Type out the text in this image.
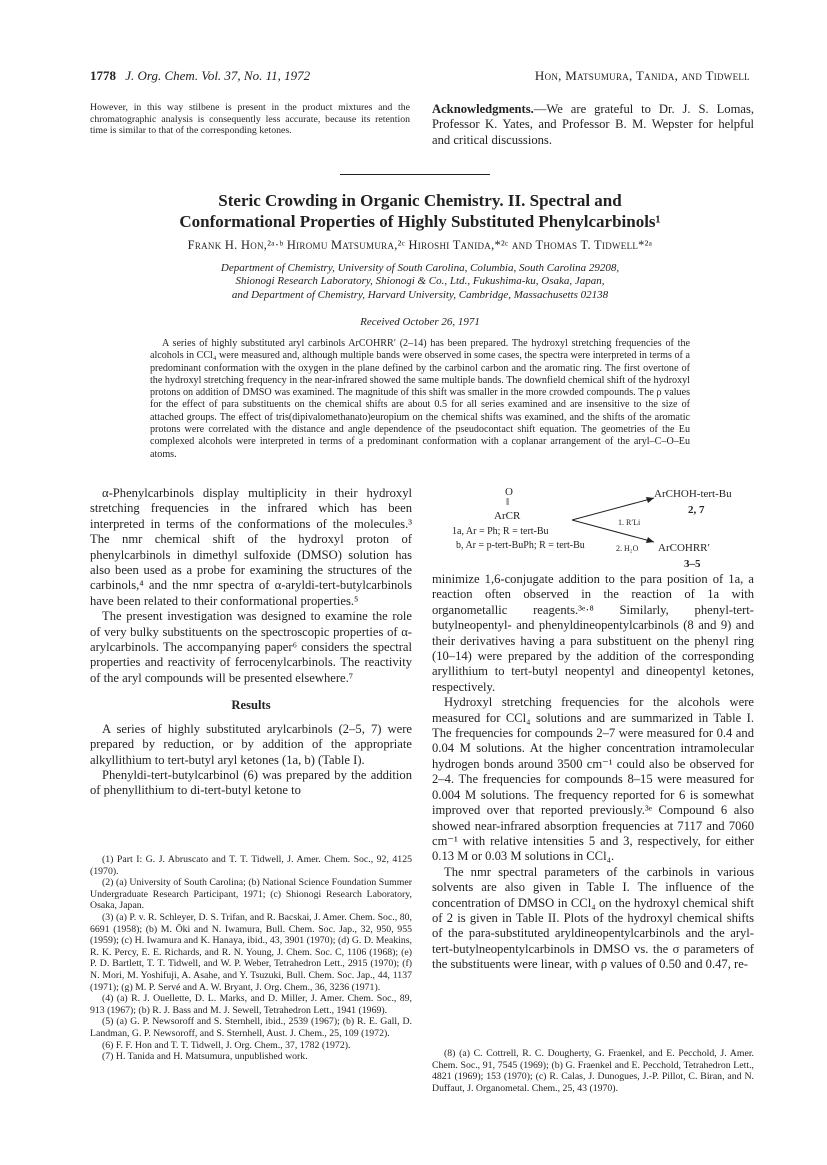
1778 J. Org. Chem. Vol. 37, No. 11, 1972	Hon, Matsumura, Tanida, and Tidwell
However, in this way stilbene is present in the product mixtures and the chromatographic analysis is consequently less accurate, because its retention time is similar to that of the corresponding ketones.
Acknowledgments.—We are grateful to Dr. J. S. Lomas, Professor K. Yates, and Professor B. M. Wepster for helpful and critical discussions.
Steric Crowding in Organic Chemistry. II. Spectral and
Conformational Properties of Highly Substituted Phenylcarbinols¹
Frank H. Hon,²ᵃ·ᵇ Hiromu Matsumura,²ᶜ Hiroshi Tanida,*²ᶜ and Thomas T. Tidwell*²ᵃ
Department of Chemistry, University of South Carolina, Columbia, South Carolina 29208,
Shionogi Research Laboratory, Shionogi & Co., Ltd., Fukushima-ku, Osaka, Japan,
and Department of Chemistry, Harvard University, Cambridge, Massachusetts 02138
Received October 26, 1971
A series of highly substituted aryl carbinols ArCOHRR′ (2–14) has been prepared. The hydroxyl stretching frequencies of the alcohols in CCl₄ were measured and, although multiple bands were observed in some cases, the spectra were interpreted in terms of a predominant conformation with the oxygen in the plane defined by the carbinol carbon and the aromatic ring. The first overtone of the hydroxyl stretching frequency in the near-infrared showed the same multiple bands. The downfield chemical shift of the hydroxyl protons on addition of DMSO was examined. The magnitude of this shift was smaller in the more crowded compounds. The ρ values for the effect of para substituents on the chemical shifts are about 0.5 for all series examined and are insensitive to the size of attached groups. The effect of tris(dipivalomethanato)europium on the chemical shifts was examined, and the shifts of the aromatic protons were correlated with the distance and angle dependence of the pseudocontact shift equation. The geometries of the Eu complexed alcohols were interpreted in terms of a predominant conformation with a coplanar arrangement of the aryl–C–O–Eu atoms.

α-Phenylcarbinols display multiplicity in their hydroxyl stretching frequencies in the infrared which has been interpreted in terms of the conformations of the molecules.³ The nmr chemical shift of the hydroxyl proton of phenylcarbinols in dimethyl sulfoxide (DMSO) solution has also been used as a probe for examining the structures of the carbinols,⁴ and the nmr spectra of α-aryldi-tert-butylcarbinols have been related to their conformational properties.⁵

The present investigation was designed to examine the role of very bulky substituents on the spectroscopic properties of α-arylcarbinols. The accompanying paper⁶ considers the spectral properties and reactivity of ferrocenylcarbinols. The reactivity of the aryl compounds will be presented elsewhere.⁷

Results

A series of highly substituted arylcarbinols (2–5, 7) were prepared by reduction, or by addition of the appropriate alkyllithium to tert-butyl aryl ketones (1a, b) (Table I).

Phenyldi-tert-butylcarbinol (6) was prepared by the addition of phenyllithium to di-tert-butyl ketone to

(1) Part I: G. J. Abruscato and T. T. Tidwell, J. Amer. Chem. Soc., 92, 4125 (1970).

(2) (a) University of South Carolina; (b) National Science Foundation Summer Undergraduate Research Participant, 1971; (c) Shionogi Research Laboratory, Osaka, Japan.

(3) (a) P. v. R. Schleyer, D. S. Trifan, and R. Bacskai, J. Amer. Chem. Soc., 80, 6691 (1958); (b) M. Ōki and N. Iwamura, Bull. Chem. Soc. Jap., 32, 950, 955 (1959); (c) H. Iwamura and K. Hanaya, ibid., 43, 3901 (1970); (d) G. D. Meakins, R. K. Percy, E. E. Richards, and R. N. Young, J. Chem. Soc. C, 1106 (1968); (e) P. D. Bartlett, T. T. Tidwell, and W. P. Weber, Tetrahedron Lett., 2915 (1970); (f) N. Mori, M. Yoshifuji, A. Asahe, and Y. Tsuzuki, Bull. Chem. Soc. Jap., 44, 1137 (1971); (g) M. P. Servé and A. W. Bryant, J. Org. Chem., 36, 3236 (1971).

(4) (a) R. J. Ouellette, D. L. Marks, and D. Miller, J. Amer. Chem. Soc., 89, 913 (1967); (b) R. J. Bass and M. J. Sewell, Tetrahedron Lett., 1941 (1969).

(5) (a) G. P. Newsoroff and S. Sternhell, ibid., 2539 (1967); (b) R. E. Gall, D. Landman, G. P. Newsoroff, and S. Sternhell, Aust. J. Chem., 25, 109 (1972).

(6) F. F. Hon and T. T. Tidwell, J. Org. Chem., 37, 1782 (1972).

(7) H. Tanida and H. Matsumura, unpublished work.

O
‖
ArCR
1a, Ar = Ph; R = tert-Bu
b, Ar = p-tert-BuPh; R = tert-Bu
1. R′Li
2. H₂O
ArCHOH-tert-Bu
2, 7
ArCOHRR′
3–5

minimize 1,6-conjugate addition to the para position of 1a, a reaction often observed in the reaction of 1a with organometallic reagents.³ᵉ·⁸ Similarly, phenyl-tert-butylneopentyl- and phenyldineopentylcarbinols (8 and 9) and their derivatives having a para substituent on the phenyl ring (10–14) were prepared by the addition of the corresponding aryllithium to tert-butyl neopentyl and dineopentyl ketones, respectively.

Hydroxyl stretching frequencies for the alcohols were measured for CCl₄ solutions and are summarized in Table I. The frequencies for compounds 2–7 were measured for 0.4 and 0.04 M solutions. At the higher concentration intramolecular hydrogen bonds around 3500 cm⁻¹ could also be observed for 2–4. The frequencies for compounds 8–15 were measured for 0.004 M solutions. The frequency reported for 6 is somewhat improved over that reported previously.³ᵉ Compound 6 also showed near-infrared absorption frequencies at 7117 and 7060 cm⁻¹ with relative intensities 5 and 3, respectively, for either 0.13 M or 0.03 M solutions in CCl₄.

The nmr spectral parameters of the carbinols in various solvents are also given in Table I. The influence of the concentration of DMSO in CCl₄ on the hydroxyl chemical shift of 2 is given in Table II. Plots of the hydroxyl chemical shifts of the para-substituted aryldineopentylcarbinols and the aryl-tert-butylneopentylcarbinols in DMSO vs. the σ parameters of the substituents were linear, with ρ values of 0.50 and 0.47, re-

(8) (a) C. Cottrell, R. C. Dougherty, G. Fraenkel, and E. Pecchold, J. Amer. Chem. Soc., 91, 7545 (1969); (b) G. Fraenkel and E. Pecchold, Tetrahedron Lett., 4821 (1969); 153 (1970); (c) R. Calas, J. Dunogues, J.-P. Pillot, C. Biran, and N. Duffaut, J. Organometal. Chem., 25, 43 (1970).
